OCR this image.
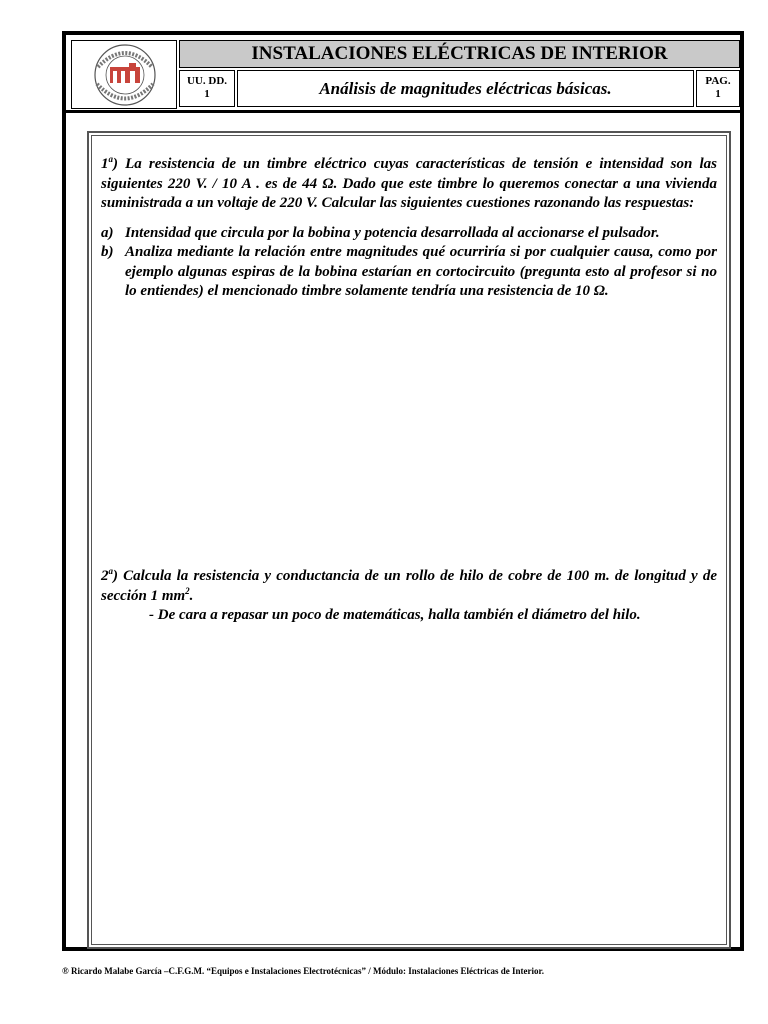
INSTALACIONES ELÉCTRICAS DE INTERIOR
UU. DD.
1	Análisis de magnitudes eléctricas básicas.	PAG.
1

1$^a$) La resistencia de un timbre eléctrico cuyas características de tensión e intensidad son las siguientes 220 V. / 10 A . es de 44 Ω. Dado que este timbre lo queremos conectar a una vivienda suministrada a un voltaje de 220 V. Calcular las siguientes cuestiones razonando las respuestas:

a) Intensidad que circula por la bobina y potencia desarrollada al accionarse el pulsador.
b) Analiza mediante la relación entre magnitudes qué ocurriría si por cualquier causa, como por ejemplo algunas espiras de la bobina estarían en cortocircuito (pregunta esto al profesor si no lo entiendes) el mencionado timbre solamente tendría una resistencia de 10 Ω.

2$^a$) Calcula la resistencia y conductancia de un rollo de hilo de cobre de 100 m. de longitud y de sección 1 $mm^2$.

- De cara a repasar un poco de matemáticas, halla también el diámetro del hilo.

® Ricardo Malabe García –C.F.G.M. “Equipos e Instalaciones Electrotécnicas” / Módulo: Instalaciones Eléctricas de Interior.
